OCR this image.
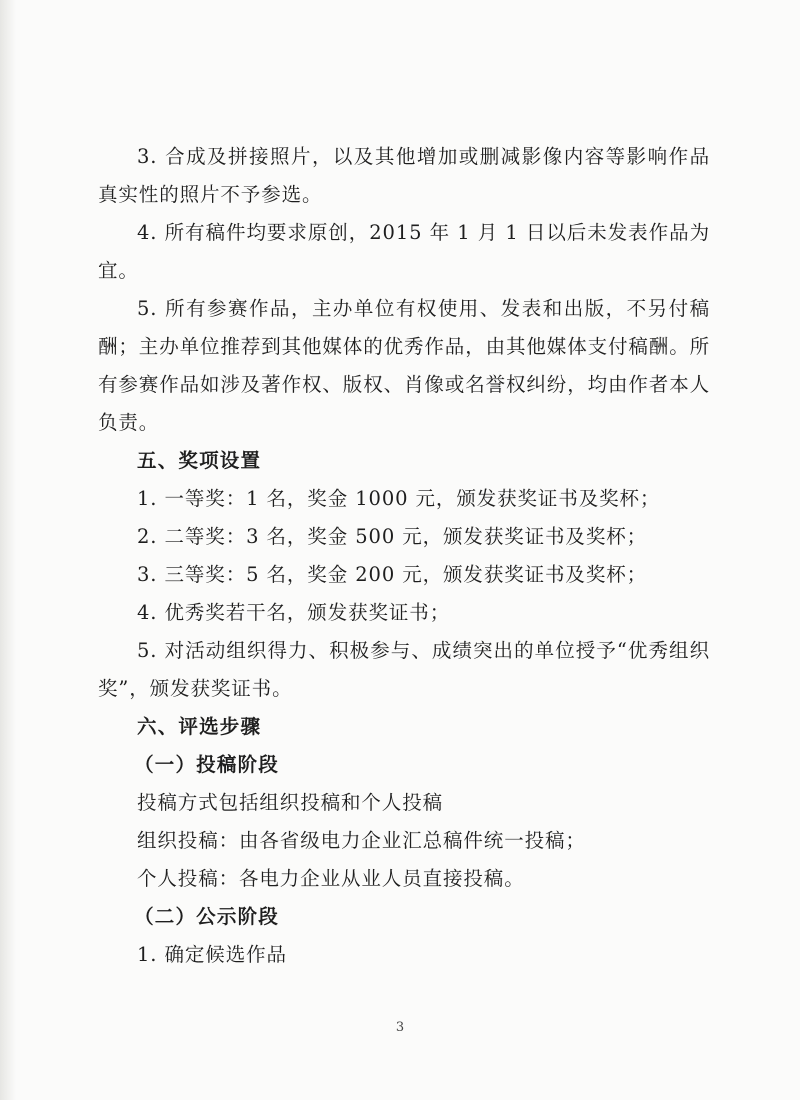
3. 合成及拼接照片，以及其他增加或删减影像内容等影响作品真实性的照片不予参选。

4. 所有稿件均要求原创，2015 年 1 月 1 日以后未发表作品为宜。

5. 所有参赛作品，主办单位有权使用、发表和出版，不另付稿酬；主办单位推荐到其他媒体的优秀作品，由其他媒体支付稿酬。所有参赛作品如涉及著作权、版权、肖像或名誉权纠纷，均由作者本人负责。

五、奖项设置

1. 一等奖：1 名，奖金 1000 元，颁发获奖证书及奖杯；

2. 二等奖：3 名，奖金 500 元，颁发获奖证书及奖杯；

3. 三等奖：5 名，奖金 200 元，颁发获奖证书及奖杯；

4. 优秀奖若干名，颁发获奖证书；

5. 对活动组织得力、积极参与、成绩突出的单位授予“优秀组织奖”，颁发获奖证书。

六、评选步骤

（一）投稿阶段

投稿方式包括组织投稿和个人投稿

组织投稿：由各省级电力企业汇总稿件统一投稿；

个人投稿：各电力企业从业人员直接投稿。

（二）公示阶段

1. 确定候选作品

3
